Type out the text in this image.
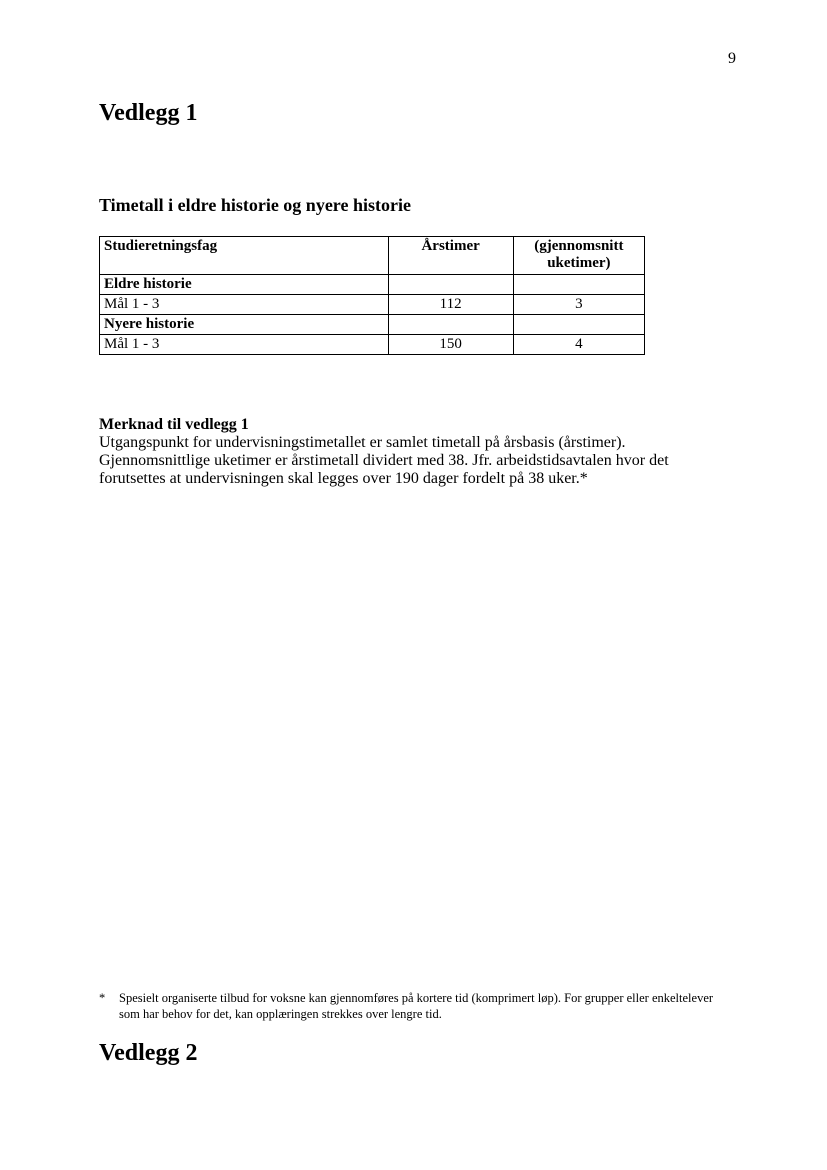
9
Vedlegg 1
Timetall i eldre historie og nyere historie
Studieretningsfag	Årstimer	(gjennomsnitt uketimer)
Eldre historie		
Mål 1 - 3	112	3
Nyere historie		
Mål 1 - 3	150	4
Merknad til vedlegg 1
Utgangspunkt for undervisningstimetallet er samlet timetall på årsbasis (årstimer). Gjennomsnittlige uketimer er årstimetall dividert med 38. Jfr. arbeidstidsavtalen hvor det forutsettes at undervisningen skal legges over 190 dager fordelt på 38 uker.*
* Spesielt organiserte tilbud for voksne kan gjennomføres på kortere tid (komprimert løp). For grupper eller enkeltelever som har behov for det, kan opplæringen strekkes over lengre tid.
Vedlegg 2
